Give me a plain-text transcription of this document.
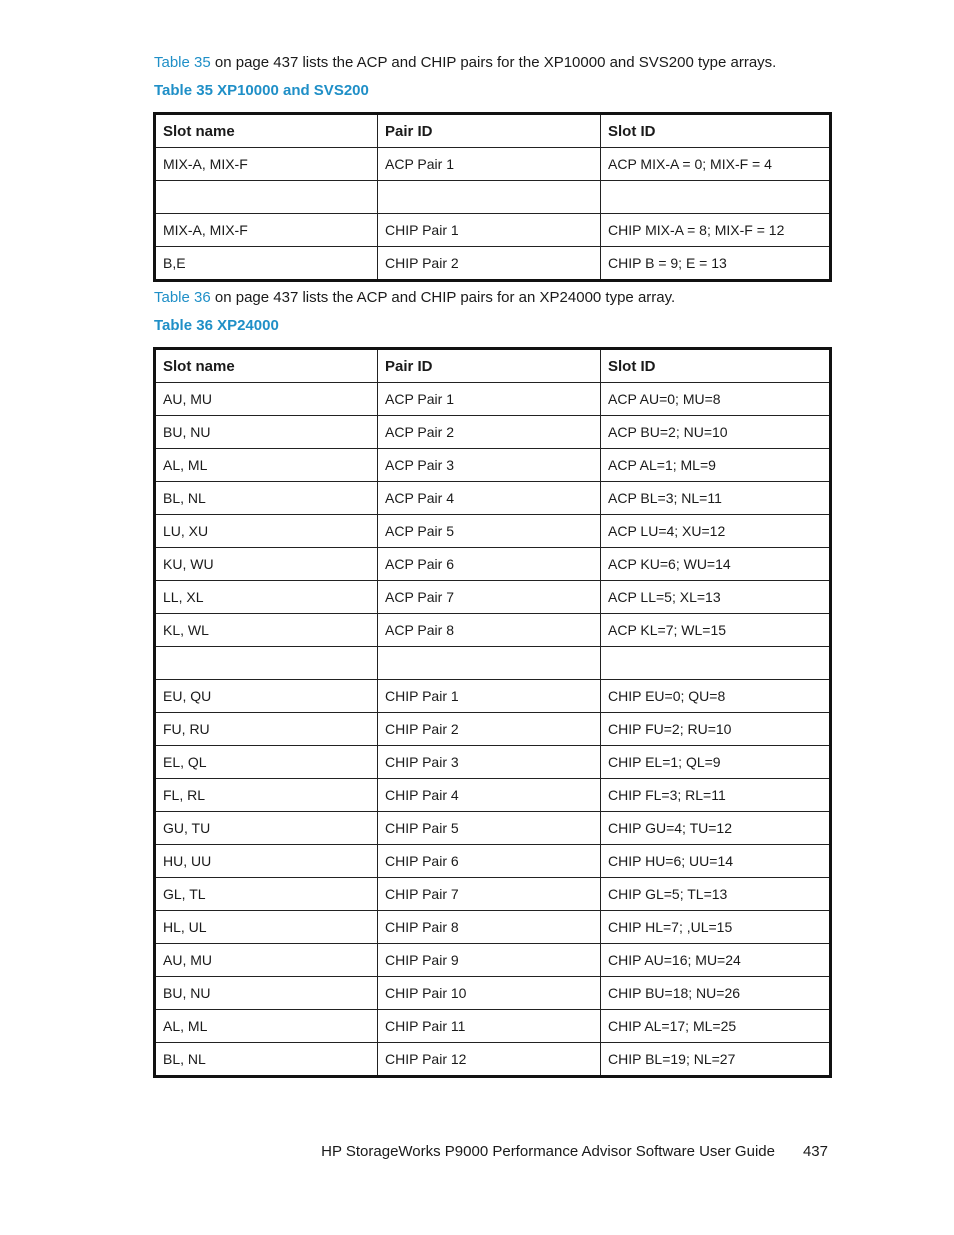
Table 35 on page 437 lists the ACP and CHIP pairs for the XP10000 and SVS200 type arrays.
Table 35 XP10000 and SVS200
Slot name	Pair ID	Slot ID
MIX-A, MIX-F	ACP Pair 1	ACP MIX-A = 0; MIX-F = 4

MIX-A, MIX-F	CHIP Pair 1	CHIP MIX-A = 8; MIX-F = 12
B,E	CHIP Pair 2	CHIP B = 9; E = 13
Table 36 on page 437 lists the ACP and CHIP pairs for an XP24000 type array.
Table 36 XP24000
Slot name	Pair ID	Slot ID
AU, MU	ACP Pair 1	ACP AU=0; MU=8
BU, NU	ACP Pair 2	ACP BU=2; NU=10
AL, ML	ACP Pair 3	ACP AL=1; ML=9
BL, NL	ACP Pair 4	ACP BL=3; NL=11
LU, XU	ACP Pair 5	ACP LU=4; XU=12
KU, WU	ACP Pair 6	ACP KU=6; WU=14
LL, XL	ACP Pair 7	ACP LL=5; XL=13
KL, WL	ACP Pair 8	ACP KL=7; WL=15

EU, QU	CHIP Pair 1	CHIP EU=0; QU=8
FU, RU	CHIP Pair 2	CHIP FU=2; RU=10
EL, QL	CHIP Pair 3	CHIP EL=1; QL=9
FL, RL	CHIP Pair 4	CHIP FL=3; RL=11
GU, TU	CHIP Pair 5	CHIP GU=4; TU=12
HU, UU	CHIP Pair 6	CHIP HU=6; UU=14
GL, TL	CHIP Pair 7	CHIP GL=5; TL=13
HL, UL	CHIP Pair 8	CHIP HL=7; ,UL=15
AU, MU	CHIP Pair 9	CHIP AU=16; MU=24
BU, NU	CHIP Pair 10	CHIP BU=18; NU=26
AL, ML	CHIP Pair 11	CHIP AL=17; ML=25
BL, NL	CHIP Pair 12	CHIP BL=19; NL=27
HP StorageWorks P9000 Performance Advisor Software User Guide 437
